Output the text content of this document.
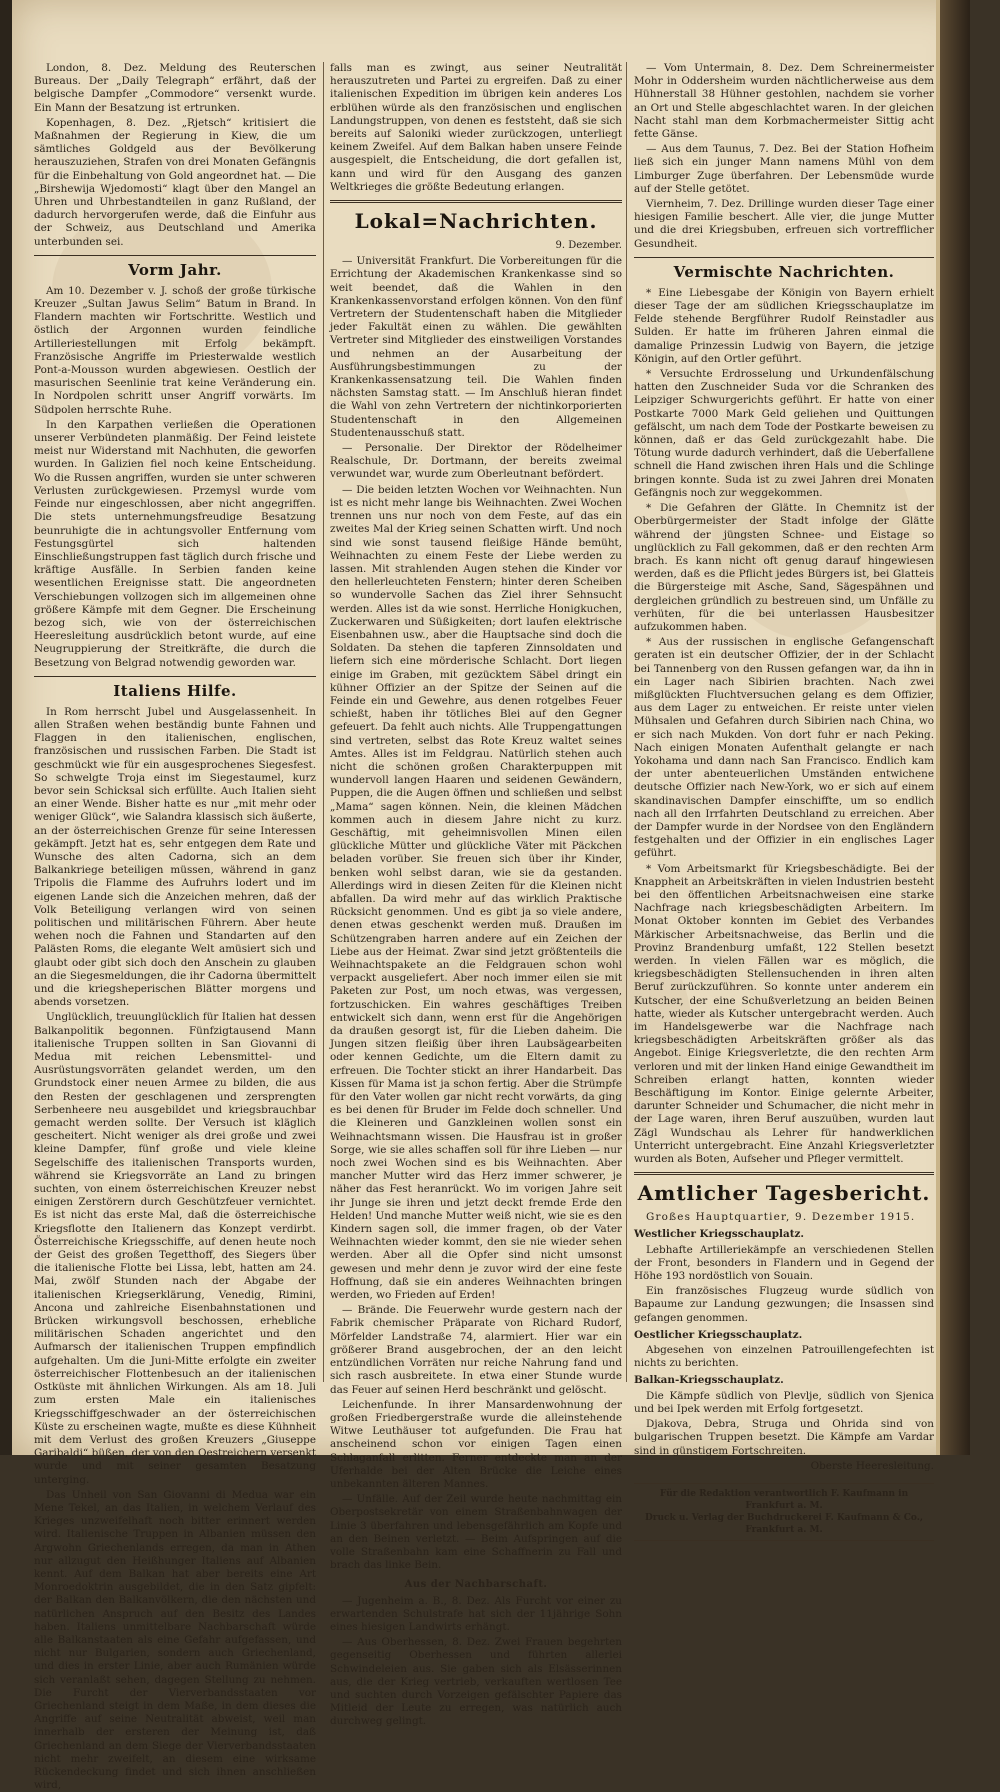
London, 8. Dez. Meldung des Reuterschen Bureaus. Der „Daily Telegraph“ erfährt, daß der belgische Dampfer „Commodore“ versenkt wurde. Ein Mann der Besatzung ist ertrunken.

Kopenhagen, 8. Dez. „Rjetsch“ kritisiert die Maßnahmen der Regierung in Kiew, die um sämtliches Goldgeld aus der Bevölkerung herauszuziehen, Strafen von drei Monaten Gefängnis für die Einbehaltung von Gold angeordnet hat. — Die „Birshewija Wjedomosti“ klagt über den Mangel an Uhren und Uhrbestandteilen in ganz Rußland, der dadurch hervorgerufen werde, daß die Einfuhr aus der Schweiz, aus Deutschland und Amerika unterbunden sei.

Vorm Jahr.

Am 10. Dezember v. J. schoß der große türkische Kreuzer „Sultan Jawus Selim“ Batum in Brand. In Flandern machten wir Fortschritte. Westlich und östlich der Argonnen wurden feindliche Artilleriestellungen mit Erfolg bekämpft. Französische Angriffe im Priesterwalde westlich Pont-a-Mousson wurden abgewiesen. Oestlich der masurischen Seenlinie trat keine Veränderung ein. In Nordpolen schritt unser Angriff vorwärts. Im Südpolen herrschte Ruhe.

In den Karpathen verließen die Operationen unserer Verbündeten planmäßig. Der Feind leistete meist nur Widerstand mit Nachhuten, die geworfen wurden. In Galizien fiel noch keine Entscheidung. Wo die Russen angriffen, wurden sie unter schweren Verlusten zurückgewiesen. Przemysl wurde vom Feinde nur eingeschlossen, aber nicht angegriffen. Die stets unternehmungsfreudige Besatzung beunruhigte die in achtungsvoller Entfernung vom Festungsgürtel sich haltenden Einschließungstruppen fast täglich durch frische und kräftige Ausfälle. In Serbien fanden keine wesentlichen Ereignisse statt. Die angeordneten Verschiebungen vollzogen sich im allgemeinen ohne größere Kämpfe mit dem Gegner. Die Erscheinung bezog sich, wie von der österreichischen Heeresleitung ausdrücklich betont wurde, auf eine Neugruppierung der Streitkräfte, die durch die Besetzung von Belgrad notwendig geworden war.

Italiens Hilfe.

In Rom herrscht Jubel und Ausgelassenheit. In allen Straßen wehen beständig bunte Fahnen und Flaggen in den italienischen, englischen, französischen und russischen Farben. Die Stadt ist geschmückt wie für ein ausgesprochenes Siegesfest. So schwelgte Troja einst im Siegestaumel, kurz bevor sein Schicksal sich erfüllte. Auch Italien sieht an einer Wende. Bisher hatte es nur „mit mehr oder weniger Glück“, wie Salandra klassisch sich äußerte, an der österreichischen Grenze für seine Interessen gekämpft. Jetzt hat es, sehr entgegen dem Rate und Wunsche des alten Cadorna, sich an dem Balkankriege beteiligen müssen, während in ganz Tripolis die Flamme des Aufruhrs lodert und im eigenen Lande sich die Anzeichen mehren, daß der Volk Beteiligung verlangen wird von seinen politischen und militärischen Führern. Aber heute wehen noch die Fahnen und Standarten auf den Palästen Roms, die elegante Welt amüsiert sich und glaubt oder gibt sich doch den Anschein zu glauben an die Siegesmeldungen, die ihr Cadorna übermittelt und die kriegsheperischen Blätter morgens und abends vorsetzen.

Unglücklich, treuunglücklich für Italien hat dessen Balkanpolitik begonnen. Fünfzigtausend Mann italienische Truppen sollten in San Giovanni di Medua mit reichen Lebensmittel- und Ausrüstungsvorräten gelandet werden, um den Grundstock einer neuen Armee zu bilden, die aus den Resten der geschlagenen und zersprengten Serbenheere neu ausgebildet und kriegsbrauchbar gemacht werden sollte. Der Versuch ist kläglich gescheitert. Nicht weniger als drei große und zwei kleine Dampfer, fünf große und viele kleine Segelschiffe des italienischen Transports wurden, während sie Kriegsvorräte an Land zu bringen suchten, von einem österreichischen Kreuzer nebst einigen Zerstörern durch Geschützfeuer vernichtet. Es ist nicht das erste Mal, daß die österreichische Kriegsflotte den Italienern das Konzept verdirbt. Österreichische Kriegsschiffe, auf denen heute noch der Geist des großen Tegetthoff, des Siegers über die italienische Flotte bei Lissa, lebt, hatten am 24. Mai, zwölf Stunden nach der Abgabe der italienischen Kriegserklärung, Venedig, Rimini, Ancona und zahlreiche Eisenbahnstationen und Brücken wirkungsvoll beschossen, erhebliche militärischen Schaden angerichtet und den Aufmarsch der italienischen Truppen empfindlich aufgehalten. Um die Juni-Mitte erfolgte ein zweiter österreichischer Flottenbesuch an der italienischen Ostküste mit ähnlichen Wirkungen. Als am 18. Juli zum ersten Male ein italienisches Kriegsschiffgeschwader an der österreichischen Küste zu erscheinen wagte, mußte es diese Kühnheit mit dem Verlust des großen Kreuzers „Giuseppe Garibaldi“ büßen, der von den Oestreichern versenkt wurde und mit seiner gesamten Besatzung unterging.

Das Unheil von San Giovanni di Medua war ein Mene Tekel, an das Italien, in welchem Verlauf des Krieges unzweifelhaft noch bitter erinnert werden wird. Italienische Truppen in Albanien müssen den Argwohn Griechenlands erregen, da man in Athen nur allzugut den Heißhunger Italiens auf Albanien kennt. Auf dem Balkan hat aber bereits eine Art Monroedoktrin ausgebildet, die in den Satz gipfelt: der Balkan den Balkanvölkern, die den nächsten und natürlichen Anspruch auf den Besitz des Landes haben. Italiens unmittelbare Nachbarschaft würde alle Balkanstaaten als eine Gefahr aufgefassen, und nicht nur Bulgarien, sondern auch Griechenland, und dies in erster Linie, aber auch Rumänien würde sich veranlaßt sehen, dagegen Stellung zu nehmen. Die Furcht der Vierverbandsstaaten vor Griechenland steigt in dem Maße, in dem dieses die Angriffe auf seine Neutralität abweist, weil man innerhalb der ersteren der Meinung ist, daß Griechenland an dem Siege der Vierverbandsstaaten nicht mehr zweifelt, an diesem eine wirksame Rückendeckung findet und sich ihnen anschließen wird,

falls man es zwingt, aus seiner Neutralität herauszutreten und Partei zu ergreifen. Daß zu einer italienischen Expedition im übrigen kein anderes Los erblühen würde als den französischen und englischen Landungstruppen, von denen es feststeht, daß sie sich bereits auf Saloniki wieder zurückzogen, unterliegt keinem Zweifel. Auf dem Balkan haben unsere Feinde ausgespielt, die Entscheidung, die dort gefallen ist, kann und wird für den Ausgang des ganzen Weltkrieges die größte Bedeutung erlangen.

Lokal=Nachrichten.
9. Dezember.

— Universität Frankfurt. Die Vorbereitungen für die Errichtung der Akademischen Krankenkasse sind so weit beendet, daß die Wahlen in den Krankenkassenvorstand erfolgen können. Von den fünf Vertretern der Studentenschaft haben die Mitglieder jeder Fakultät einen zu wählen. Die gewählten Vertreter sind Mitglieder des einstweiligen Vorstandes und nehmen an der Ausarbeitung der Ausführungsbestimmungen zu der Krankenkassensatzung teil. Die Wahlen finden nächsten Samstag statt. — Im Anschluß hieran findet die Wahl von zehn Vertretern der nichtinkorporierten Studentenschaft in den Allgemeinen Studentenausschuß statt.

— Personalie. Der Direktor der Rödelheimer Realschule, Dr. Dortmann, der bereits zweimal verwundet war, wurde zum Oberleutnant befördert.

— Die beiden letzten Wochen vor Weihnachten. Nun ist es nicht mehr lange bis Weihnachten. Zwei Wochen trennen uns nur noch von dem Feste, auf das ein zweites Mal der Krieg seinen Schatten wirft. Und noch sind wie sonst tausend fleißige Hände bemüht, Weihnachten zu einem Feste der Liebe werden zu lassen. Mit strahlenden Augen stehen die Kinder vor den hellerleuchteten Fenstern; hinter deren Scheiben so wundervolle Sachen das Ziel ihrer Sehnsucht werden. Alles ist da wie sonst. Herrliche Honigkuchen, Zuckerwaren und Süßigkeiten; dort laufen elektrische Eisenbahnen usw., aber die Hauptsache sind doch die Soldaten. Da stehen die tapferen Zinnsoldaten und liefern sich eine mörderische Schlacht. Dort liegen einige im Graben, mit gezücktem Säbel dringt ein kühner Offizier an der Spitze der Seinen auf die Feinde ein und Gewehre, aus denen rotgelbes Feuer schießt, haben ihr tötliches Blei auf den Gegner gefeuert. Da fehlt auch nichts. Alle Truppengattungen sind vertreten, selbst das Rote Kreuz waltet seines Amtes. Alles ist im Feldgrau. Natürlich stehen auch nicht die schönen großen Charakterpuppen mit wundervoll langen Haaren und seidenen Gewändern, Puppen, die die Augen öffnen und schließen und selbst „Mama“ sagen können. Nein, die kleinen Mädchen kommen auch in diesem Jahre nicht zu kurz. Geschäftig, mit geheimnisvollen Minen eilen glückliche Mütter und glückliche Väter mit Päckchen beladen vorüber. Sie freuen sich über ihr Kinder, benken wohl selbst daran, wie sie da gestanden. Allerdings wird in diesen Zeiten für die Kleinen nicht abfallen. Da wird mehr auf das wirklich Praktische Rücksicht genommen. Und es gibt ja so viele andere, denen etwas geschenkt werden muß. Draußen im Schützengraben harren andere auf ein Zeichen der Liebe aus der Heimat. Zwar sind jetzt größtenteils die Weihnachtspakete an die Feldgrauen schon wohl verpackt ausgeliefert. Aber noch immer eilen sie mit Paketen zur Post, um noch etwas, was vergessen, fortzuschicken. Ein wahres geschäftiges Treiben entwickelt sich dann, wenn erst für die Angehörigen da draußen gesorgt ist, für die Lieben daheim. Die Jungen sitzen fleißig über ihren Laubsägearbeiten oder kennen Gedichte, um die Eltern damit zu erfreuen. Die Tochter stickt an ihrer Handarbeit. Das Kissen für Mama ist ja schon fertig. Aber die Strümpfe für den Vater wollen gar nicht recht vorwärts, da ging es bei denen für Bruder im Felde doch schneller. Und die Kleineren und Ganzkleinen wollen sonst ein Weihnachtsmann wissen. Die Hausfrau ist in großer Sorge, wie sie alles schaffen soll für ihre Lieben — nur noch zwei Wochen sind es bis Weihnachten. Aber mancher Mutter wird das Herz immer schwerer, je näher das Fest heranrückt. Wo im vorigen Jahre seit ihr Junge sie ihren und jetzt deckt fremde Erde den Helden! Und manche Mutter weiß nicht, wie sie es den Kindern sagen soll, die immer fragen, ob der Vater Weihnachten wieder kommt, den sie nie wieder sehen werden. Aber all die Opfer sind nicht umsonst gewesen und mehr denn je zuvor wird der eine feste Hoffnung, daß sie ein anderes Weihnachten bringen werden, wo Frieden auf Erden!

— Brände. Die Feuerwehr wurde gestern nach der Fabrik chemischer Präparate von Richard Rudorf, Mörfelder Landstraße 74, alarmiert. Hier war ein größerer Brand ausgebrochen, der an den leicht entzündlichen Vorräten nur reiche Nahrung fand und sich rasch ausbreitete. In etwa einer Stunde wurde das Feuer auf seinen Herd beschränkt und gelöscht.

Leichenfunde. In ihrer Mansardenwohnung der großen Friedbergerstraße wurde die alleinstehende Witwe Leuthäuser tot aufgefunden. Die Frau hat anscheinend schon vor einigen Tagen einen Schlaganfall erlitten. Ferner entdeckte man an der Uferhalde bei der Alten Brücke die Leiche eines unbekannten älteren Mannes.

— Unfälle. Auf der Zeil wurde heute nachmittag ein Oberpostsekretär von einem Straßenbahnwagen der Linie 3 überfahren und lebensgefährlich am Kopfe und an den Beinen verletzt. — Beim Aufspringen auf die volle Straßenbahn kam eine Schaffnerin zu Fall und brach das linke Bein.

Aus der Nachbarschaft.

— Jugenheim a. B., 8. Dez. Als Furcht vor einer zu erwartenden Schulstrafe hat sich der 11jährige Sohn eines hiesigen Landwirts erhängt.

— Aus Oberhessen, 8. Dez. Zwei Frauen begehrten gegenseitig Oberhessen und führten allerlei Schwindeleien aus. Sie gaben sich als Elsässerinnen aus, die der Krieg vertrieb, verkauften wertlosen Tee und suchten durch Vorzeigen gefälschter Papiere das Mitleid der Leute zu erregen, was natürlich auch durchweg gelingt.

— Vom Untermain, 8. Dez. Dem Schreinermeister Mohr in Oddersheim wurden nächtlicherweise aus dem Hühnerstall 38 Hühner gestohlen, nachdem sie vorher an Ort und Stelle abgeschlachtet waren. In der gleichen Nacht stahl man dem Korbmachermeister Sittig acht fette Gänse.

— Aus dem Taunus, 7. Dez. Bei der Station Hofheim ließ sich ein junger Mann namens Mühl von dem Limburger Zuge überfahren. Der Lebensmüde wurde auf der Stelle getötet.

Viernheim, 7. Dez. Drillinge wurden dieser Tage einer hiesigen Familie beschert. Alle vier, die junge Mutter und die drei Kriegsbuben, erfreuen sich vortrefflicher Gesundheit.

Vermischte Nachrichten.

* Eine Liebesgabe der Königin von Bayern erhielt dieser Tage der am südlichen Kriegsschauplatze im Felde stehende Bergführer Rudolf Reinstadler aus Sulden. Er hatte im früheren Jahren einmal die damalige Prinzessin Ludwig von Bayern, die jetzige Königin, auf den Ortler geführt.

* Versuchte Erdrosselung und Urkundenfälschung hatten den Zuschneider Suda vor die Schranken des Leipziger Schwurgerichts geführt. Er hatte von einer Postkarte 7000 Mark Geld geliehen und Quittungen gefälscht, um nach dem Tode der Postkarte beweisen zu können, daß er das Geld zurückgezahlt habe. Die Tötung wurde dadurch verhindert, daß die Ueberfallene schnell die Hand zwischen ihren Hals und die Schlinge bringen konnte. Suda ist zu zwei Jahren drei Monaten Gefängnis noch zur weggekommen.

* Die Gefahren der Glätte. In Chemnitz ist der Oberbürgermeister der Stadt infolge der Glätte während der jüngsten Schnee- und Eistage so unglücklich zu Fall gekommen, daß er den rechten Arm brach. Es kann nicht oft genug darauf hingewiesen werden, daß es die Pflicht jedes Bürgers ist, bei Glatteis die Bürgersteige mit Asche, Sand, Sägespähnen und dergleichen gründlich zu bestreuen sind, um Unfälle zu verhüten, für die bei unterlassen Hausbesitzer aufzukommen haben.

* Aus der russischen in englische Gefangenschaft geraten ist ein deutscher Offizier, der in der Schlacht bei Tannenberg von den Russen gefangen war, da ihn in ein Lager nach Sibirien brachten. Nach zwei mißglückten Fluchtversuchen gelang es dem Offizier, aus dem Lager zu entweichen. Er reiste unter vielen Mühsalen und Gefahren durch Sibirien nach China, wo er sich nach Mukden. Von dort fuhr er nach Peking. Nach einigen Monaten Aufenthalt gelangte er nach Yokohama und dann nach San Francisco. Endlich kam der unter abenteuerlichen Umständen entwichene deutsche Offizier nach New-York, wo er sich auf einem skandinavischen Dampfer einschiffte, um so endlich nach all den Irrfahrten Deutschland zu erreichen. Aber der Dampfer wurde in der Nordsee von den Engländern festgehalten und der Offizier in ein englisches Lager geführt.

* Vom Arbeitsmarkt für Kriegsbeschädigte. Bei der Knappheit an Arbeitskräften in vielen Industrien besteht bei den öffentlichen Arbeitsnachweisen eine starke Nachfrage nach kriegsbeschädigten Arbeitern. Im Monat Oktober konnten im Gebiet des Verbandes Märkischer Arbeitsnachweise, das Berlin und die Provinz Brandenburg umfaßt, 122 Stellen besetzt werden. In vielen Fällen war es möglich, die kriegsbeschädigten Stellensuchenden in ihren alten Beruf zurückzuführen. So konnte unter anderem ein Kutscher, der eine Schußverletzung an beiden Beinen hatte, wieder als Kutscher untergebracht werden. Auch im Handelsgewerbe war die Nachfrage nach kriegsbeschädigten Arbeitskräften größer als das Angebot. Einige Kriegsverletzte, die den rechten Arm verloren und mit der linken Hand einige Gewandtheit im Schreiben erlangt hatten, konnten wieder Beschäftigung im Kontor. Einige gelernte Arbeiter, darunter Schneider und Schumacher, die nicht mehr in der Lage waren, ihren Beruf auszuüben, wurden laut Zägl Wundschau als Lehrer für handwerklichen Unterricht untergebracht. Eine Anzahl Kriegsverletzter wurden als Boten, Aufseher und Pfleger vermittelt.

Amtlicher Tagesbericht.

Großes Hauptquartier, 9. Dezember 1915.

Westlicher Kriegsschauplatz.

Lebhafte Artilleriekämpfe an verschiedenen Stellen der Front, besonders in Flandern und in Gegend der Höhe 193 nordöstlich von Souain.

Ein französisches Flugzeug wurde südlich von Bapaume zur Landung gezwungen; die Insassen sind gefangen genommen.

Oestlicher Kriegsschauplatz.

Abgesehen von einzelnen Patrouillengefechten ist nichts zu berichten.

Balkan-Kriegsschauplatz.

Die Kämpfe südlich von Plevlje, südlich von Sjenica und bei Ipek werden mit Erfolg fortgesetzt.

Djakova, Debra, Struga und Ohrida sind von bulgarischen Truppen besetzt. Die Kämpfe am Vardar sind in günstigem Fortschreiten.

Oberste Heeresleitung.

Für die Redaktion verantwortlich F. Kaufmann in Frankfurt a. M.
Druck u. Verlag der Buchdruckerei F. Kaufmann & Co., Frankfurt a. M.
